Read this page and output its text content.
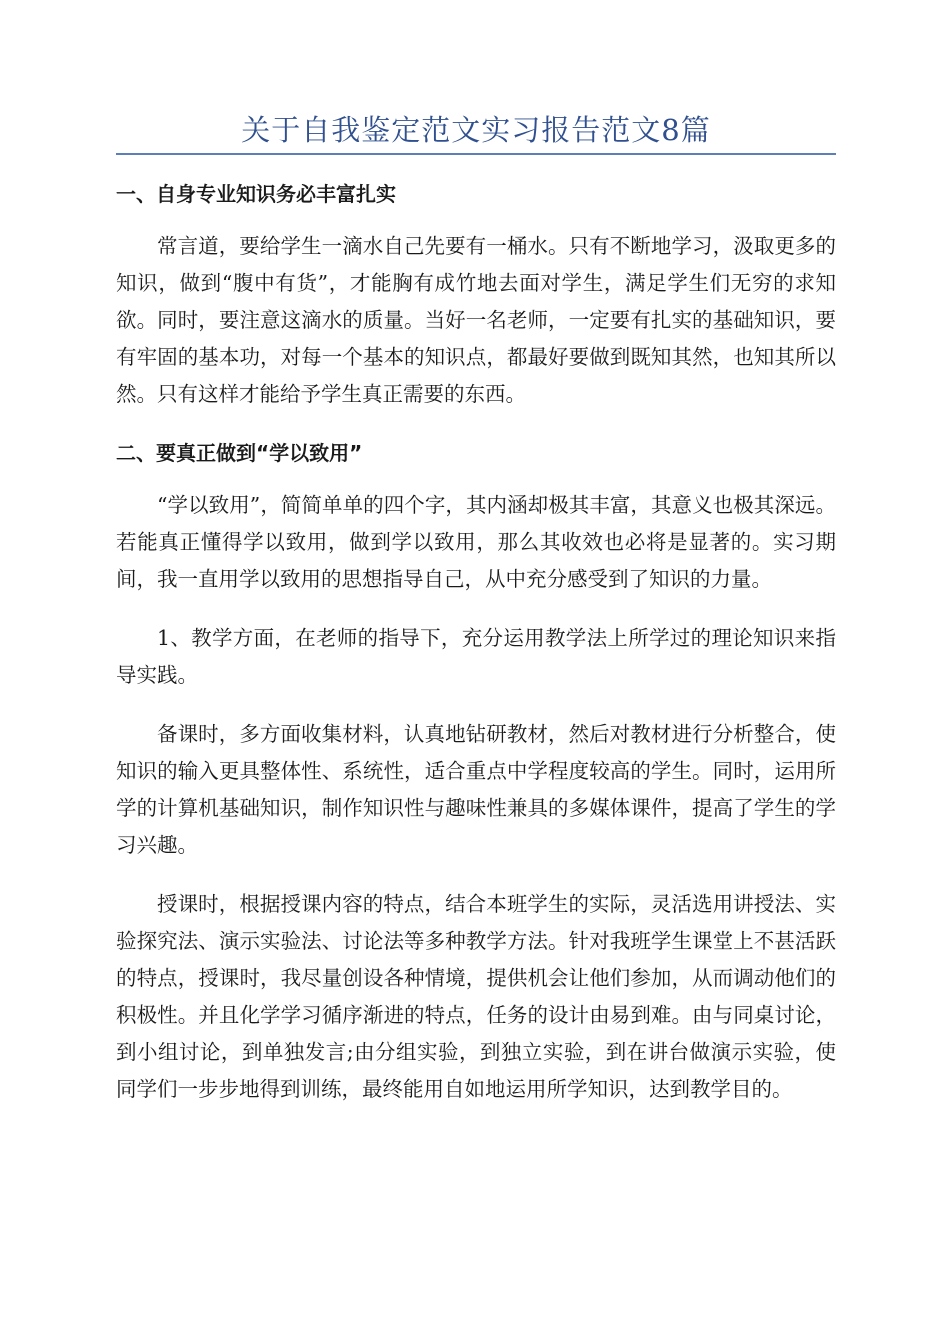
关于自我鉴定范文实习报告范文8篇
一、自身专业知识务必丰富扎实

常言道，要给学生一滴水自己先要有一桶水。只有不断地学习，汲取更多的知识，做到“腹中有货”，才能胸有成竹地去面对学生，满足学生们无穷的求知欲。同时，要注意这滴水的质量。当好一名老师，一定要有扎实的基础知识，要有牢固的基本功，对每一个基本的知识点，都最好要做到既知其然，也知其所以然。只有这样才能给予学生真正需要的东西。

二、要真正做到“学以致用”

“学以致用”，简简单单的四个字，其内涵却极其丰富，其意义也极其深远。若能真正懂得学以致用，做到学以致用，那么其收效也必将是显著的。实习期间，我一直用学以致用的思想指导自己，从中充分感受到了知识的力量。

1、教学方面，在老师的指导下，充分运用教学法上所学过的理论知识来指导实践。

备课时，多方面收集材料，认真地钻研教材，然后对教材进行分析整合，使知识的输入更具整体性、系统性，适合重点中学程度较高的学生。同时，运用所学的计算机基础知识，制作知识性与趣味性兼具的多媒体课件，提高了学生的学习兴趣。

授课时，根据授课内容的特点，结合本班学生的实际，灵活选用讲授法、实验探究法、演示实验法、讨论法等多种教学方法。针对我班学生课堂上不甚活跃的特点，授课时，我尽量创设各种情境，提供机会让他们参加，从而调动他们的积极性。并且化学学习循序渐进的特点，任务的设计由易到难。由与同桌讨论，到小组讨论，到单独发言;由分组实验，到独立实验，到在讲台做演示实验，使同学们一步步地得到训练，最终能用自如地运用所学知识，达到教学目的。
